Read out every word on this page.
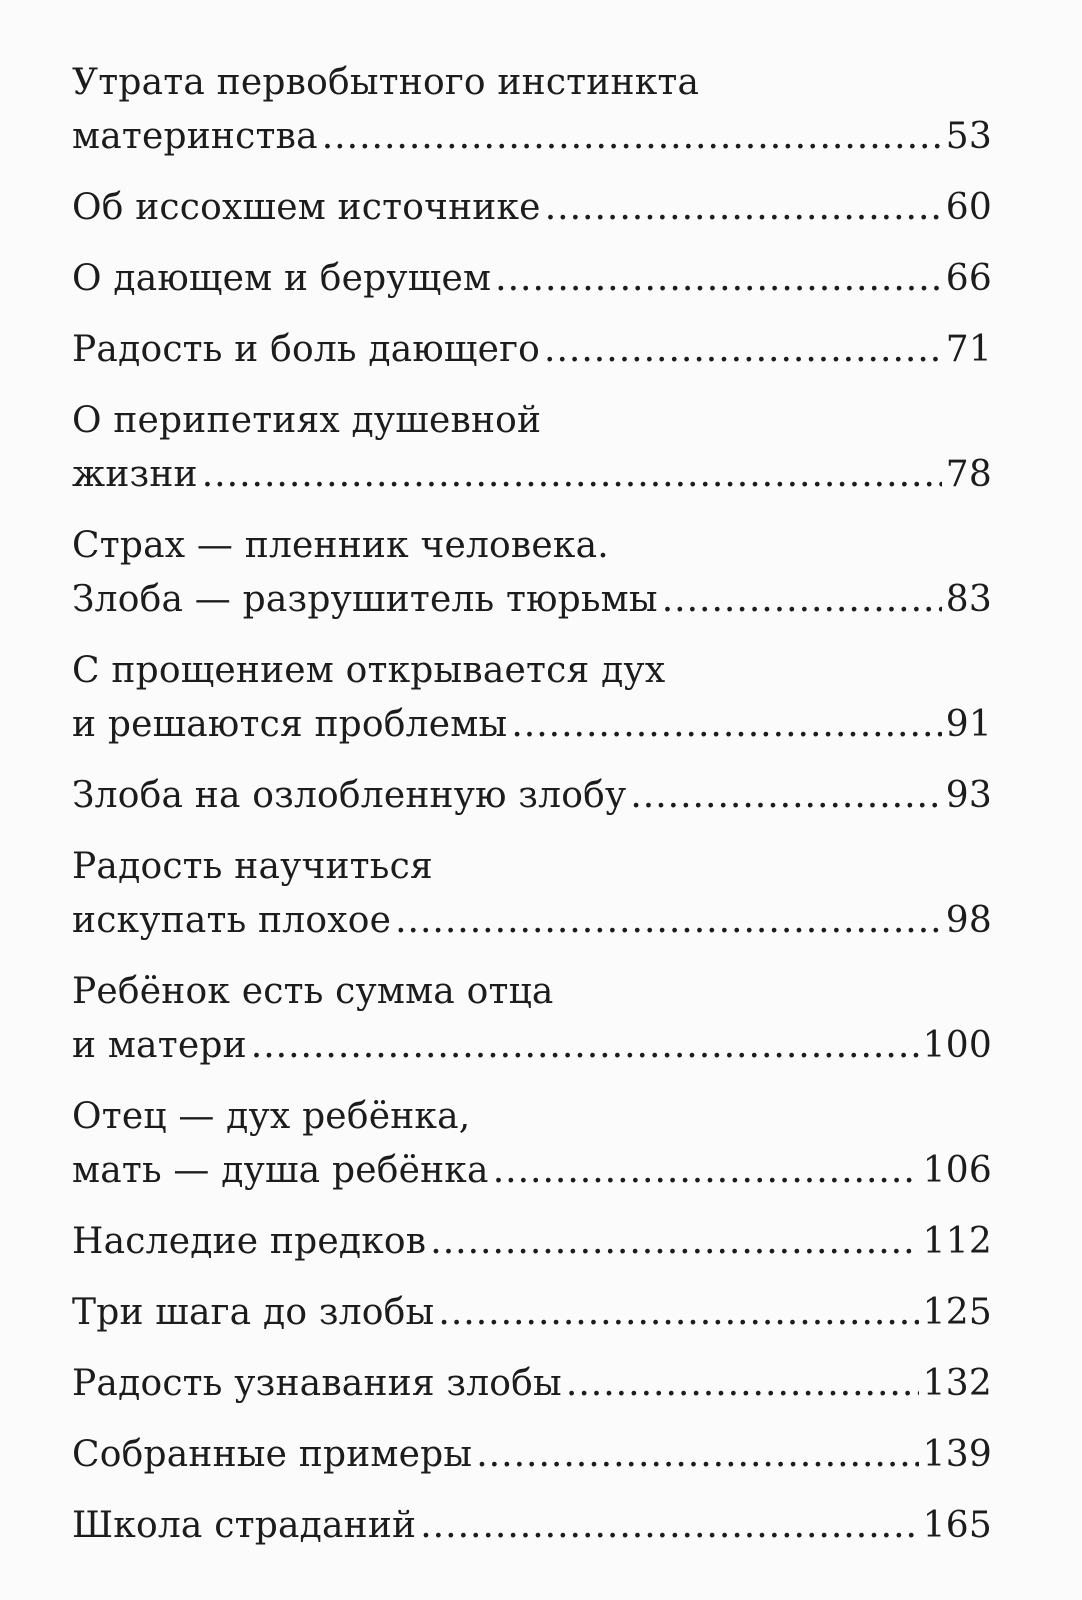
Утрата первобытного инстинкта
материнства .....	53
Об иссохшем источнике .....	60
О дающем и берущем .....	66
Радость и боль дающего .....	71
О перипетиях душевной
жизни .....	78
Страх — пленник человека.
Злоба — разрушитель тюрьмы .....	83
С прощением открывается дух
и решаются проблемы .....	91
Злоба на озлобленную злобу .....	93
Радость научиться
искупать плохое .....	98
Ребёнок есть сумма отца
и матери .....	100
Отец — дух ребёнка,
мать — душа ребёнка .....	106
Наследие предков .....	112
Три шага до злобы .....	125
Радость узнавания злобы .....	132
Собранные примеры .....	139
Школа страданий .....	165
